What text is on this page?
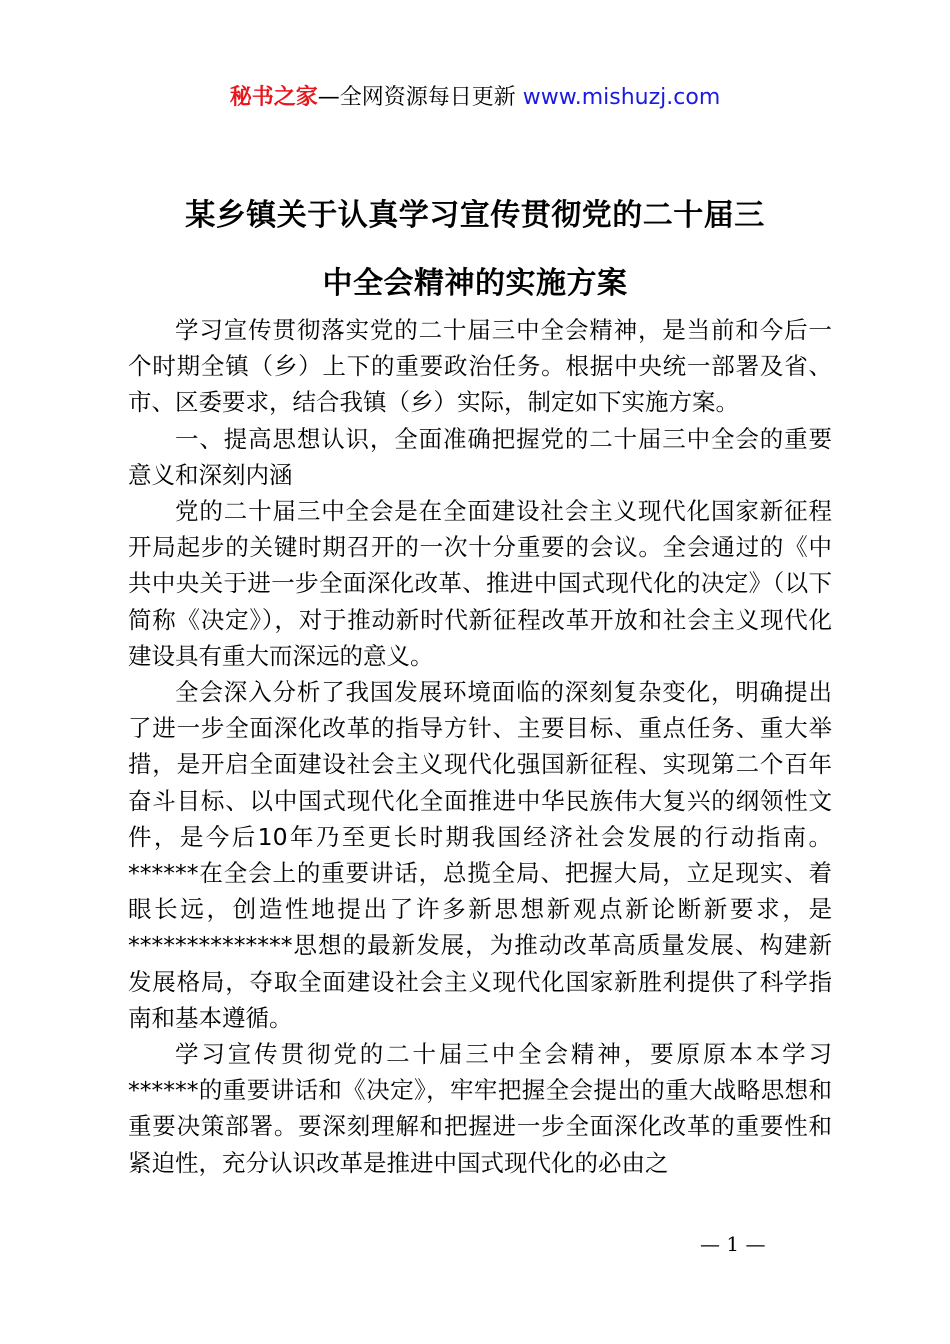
秘书之家—全网资源每日更新 www.mishuzj.com
某乡镇关于认真学习宣传贯彻党的二十届三
中全会精神的实施方案

学习宣传贯彻落实党的二十届三中全会精神，是当前和今后一个时期全镇（乡）上下的重要政治任务。根据中央统一部署及省、市、区委要求，结合我镇（乡）实际，制定如下实施方案。

一、提高思想认识，全面准确把握党的二十届三中全会的重要意义和深刻内涵

党的二十届三中全会是在全面建设社会主义现代化国家新征程开局起步的关键时期召开的一次十分重要的会议。全会通过的《中共中央关于进一步全面深化改革、推进中国式现代化的决定》（以下简称《决定》），对于推动新时代新征程改革开放和社会主义现代化建设具有重大而深远的意义。

全会深入分析了我国发展环境面临的深刻复杂变化，明确提出了进一步全面深化改革的指导方针、主要目标、重点任务、重大举措，是开启全面建设社会主义现代化强国新征程、实现第二个百年奋斗目标、以中国式现代化全面推进中华民族伟大复兴的纲领性文件，是今后10年乃至更长时期我国经济社会发展的行动指南。******在全会上的重要讲话，总揽全局、把握大局，立足现实、着眼长远，创造性地提出了许多新思想新观点新论断新要求，是**************思想的最新发展，为推动改革高质量发展、构建新发展格局，夺取全面建设社会主义现代化国家新胜利提供了科学指南和基本遵循。

学习宣传贯彻党的二十届三中全会精神，要原原本本学习******的重要讲话和《决定》，牢牢把握全会提出的重大战略思想和重要决策部署。要深刻理解和把握进一步全面深化改革的重要性和紧迫性，充分认识改革是推进中国式现代化的必由之

— 1 —
